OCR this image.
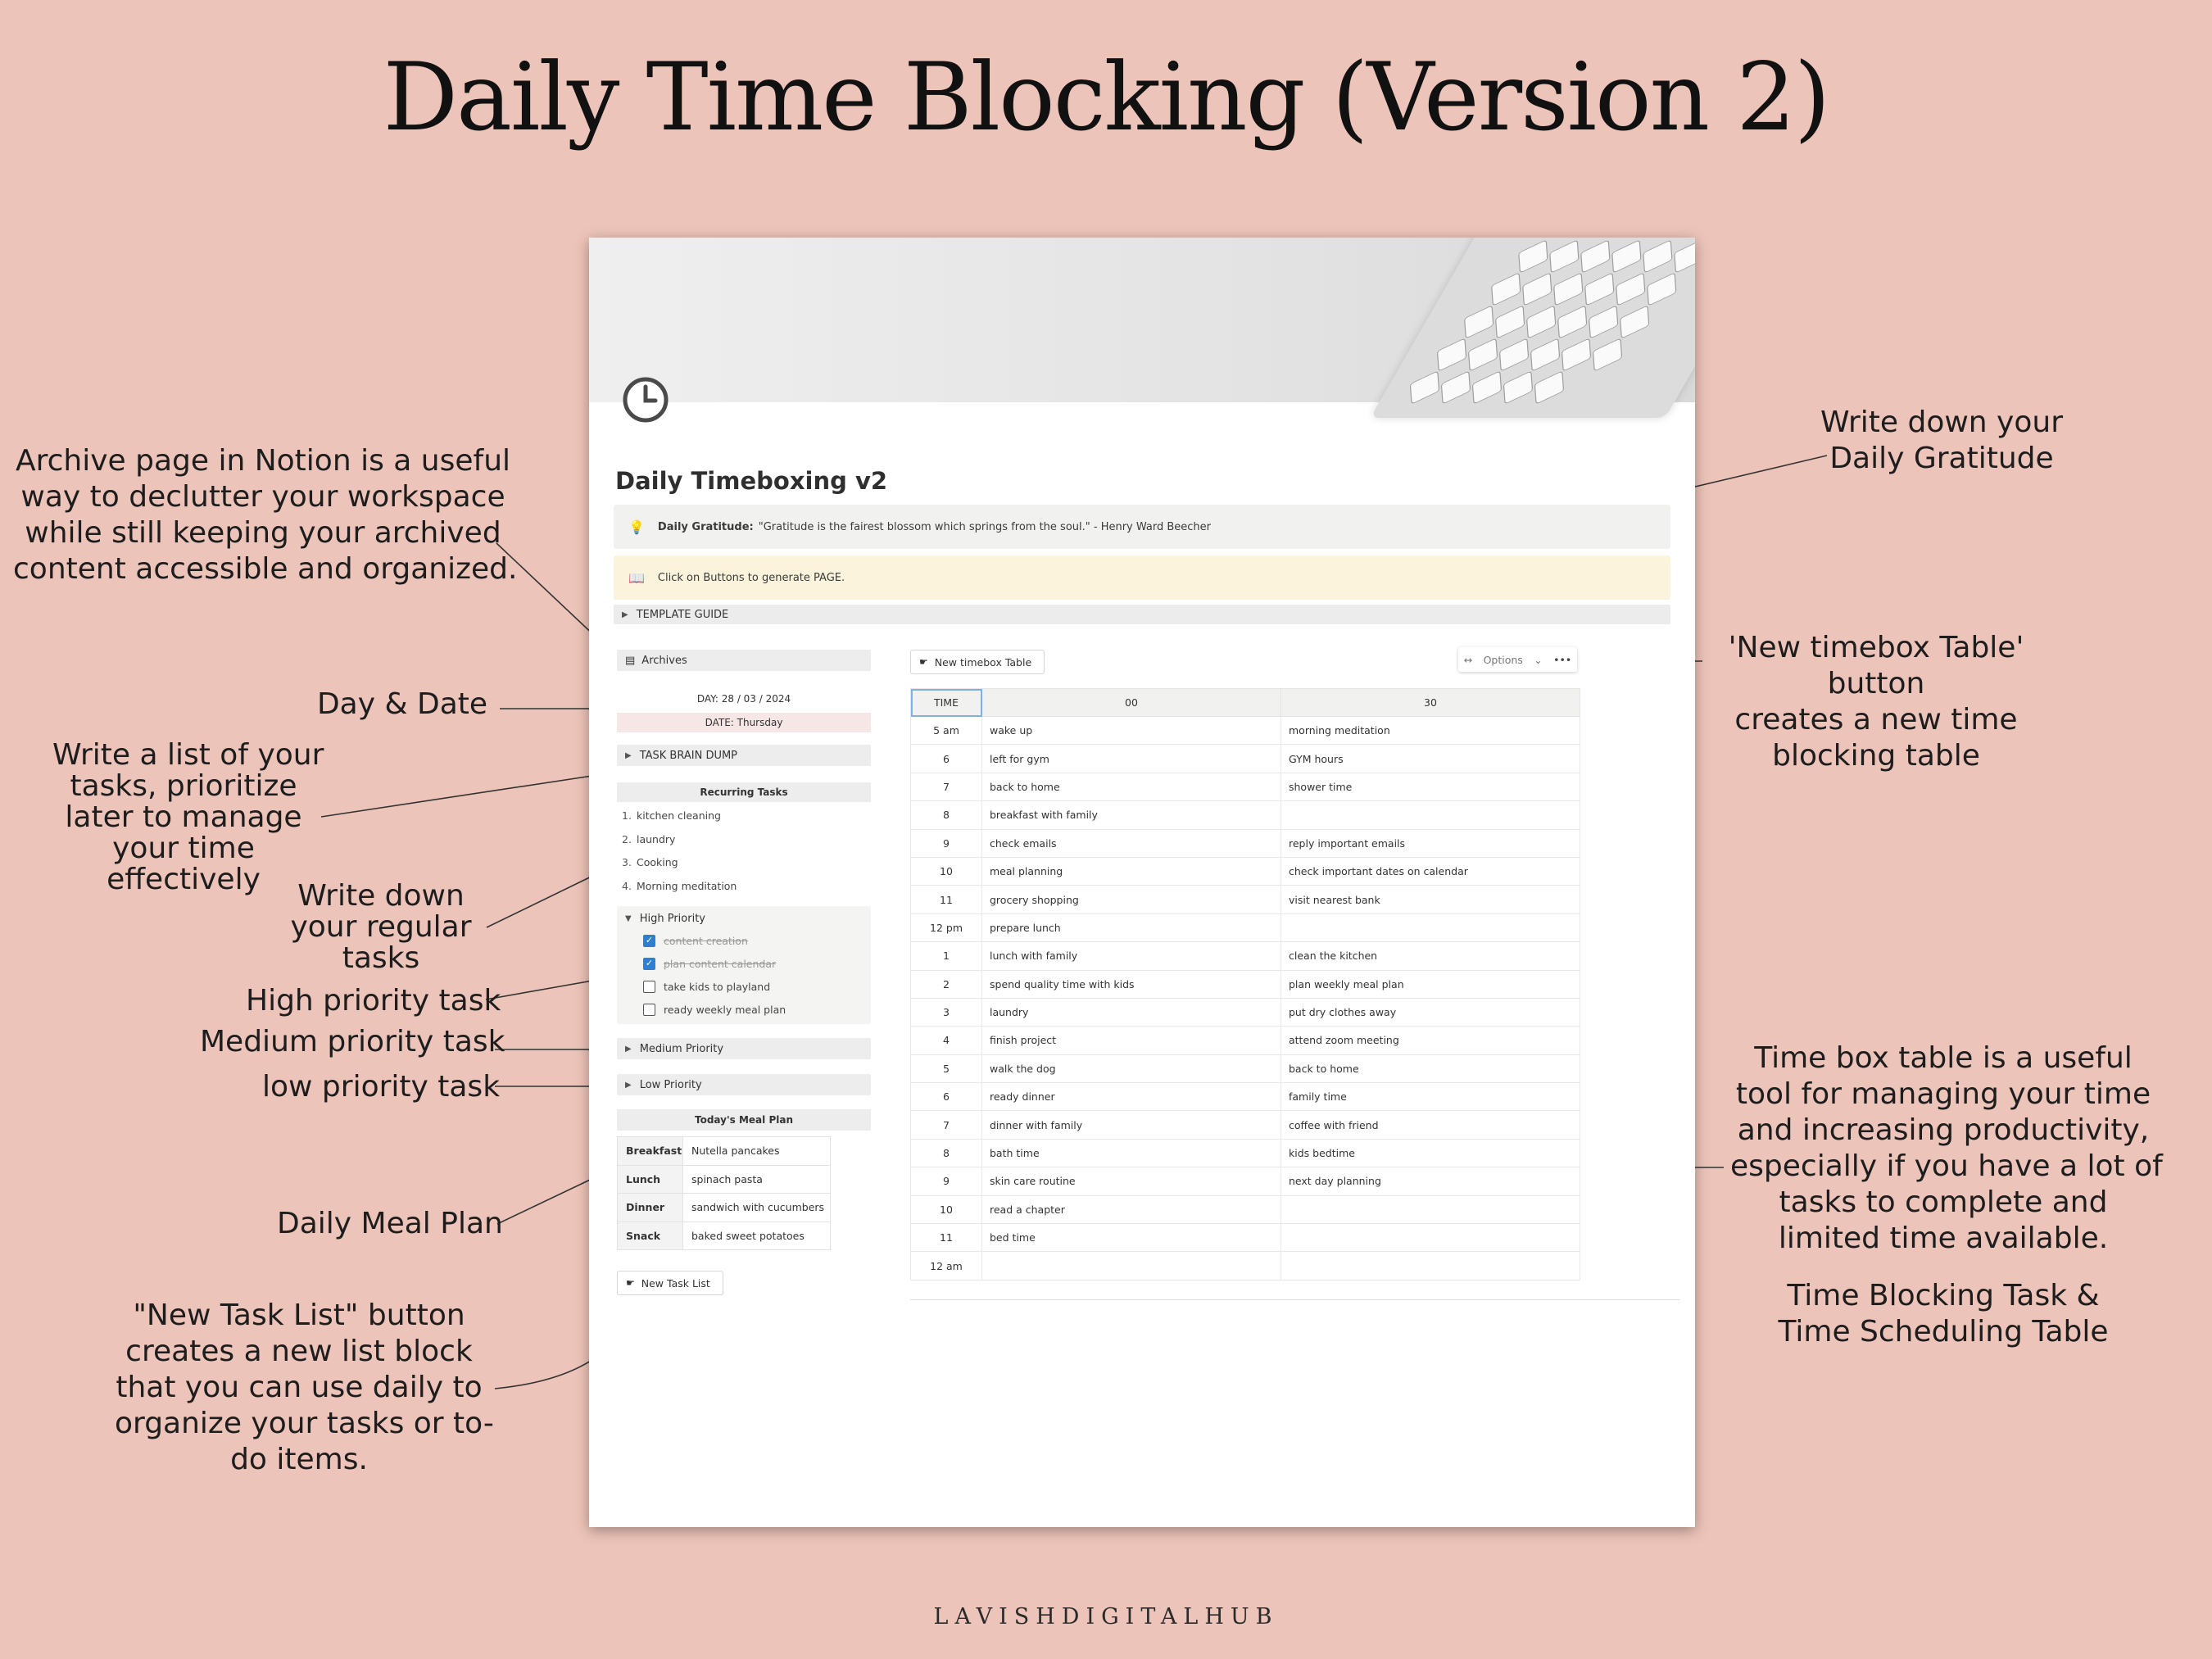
Daily Time Blocking (Version 2)
Archive page in Notion is a useful
way to declutter your workspace
while still keeping your archived
content accessible and organized.
Day & Date
Write a list of your
tasks, prioritize
later to manage
your time
effectively	Write down
your regular
tasks
High priority task
Medium priority task
low priority task
Daily Meal Plan
"New Task List" button
creates a new list block
that you can use daily to
organize your tasks or to-
do items.
Write down your
Daily Gratitude
'New timebox Table'
button
creates a new time
blocking table
Time box table is a useful
tool for managing your time
and increasing productivity,
especially if you have a lot of
tasks to complete and
limited time available.
Time Blocking Task &
Time Scheduling Table
Daily Timeboxing v2
💡 Daily Gratitude: "Gratitude is the fairest blossom which springs from the soul." - Henry Ward Beecher
📖 Click on Buttons to generate PAGE.
▶ TEMPLATE GUIDE
▤ Archives
DAY: 28 / 03 / 2024
DATE: Thursday
▶ TASK BRAIN DUMP
Recurring Tasks
1. kitchen cleaning
2. laundry
3. Cooking
4. Morning meditation
▼ High Priority
✓ content creation
✓ plan content calendar
take kids to playland
ready weekly meal plan
▶ Medium Priority
▶ Low Priority
Today's Meal Plan
Breakfast	Nutella pancakes
Lunch	spinach pasta
Dinner	sandwich with cucumbers
Snack	baked sweet potatoes
☛ New Task List
☛ New timebox Table	↔ Options ⌄ •••
TIME	00	30
5 am	wake up	morning meditation
6	left for gym	GYM hours
7	back to home	shower time
8	breakfast with family	
9	check emails	reply important emails
10	meal planning	check important dates on calendar
11	grocery shopping	visit nearest bank
12 pm	prepare lunch	
1	lunch with family	clean the kitchen
2	spend quality time with kids	plan weekly meal plan
3	laundry	put dry clothes away
4	finish project	attend zoom meeting
5	walk the dog	back to home
6	ready dinner	family time
7	dinner with family	coffee with friend
8	bath time	kids bedtime
9	skin care routine	next day planning
10	read a chapter	
11	bed time	
12 am		
LAVISHDIGITALHUB
